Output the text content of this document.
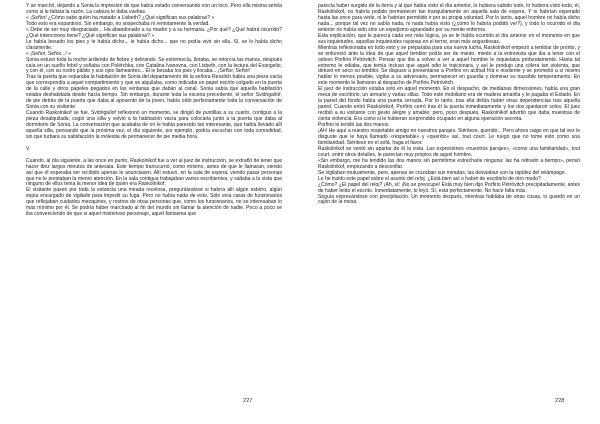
Y se marchó, dejando a Sonia la impresión de que había estado conversando con un loco. Pero ella misma sentía como si le faltara la razón. La cabeza le daba vueltas.

« ¡Señor! ¿Cómo sabe quién ha matado a Lisbeth? ¿Qué significan sus palabras? »

Todo esto era espantoso. Sin embargo, no sospechaba ni remotamente la verdad.

« Debe de ser muy desgraciado... Ha abandonado a su madre y a su hermana. ¿Por qué? ¿Qué habrá ocurrido? ¿Qué intenciones tiene? ¿Qué significan sus palabras? »

Le había besado los pies y le había dicho... le había dicho... que no podía vivir sin ella. Sí, se lo había dicho claramente.

« ¡Señor, Señor...! »

Sonia estuvo toda la noche ardiendo de fiebre y delirando. Se estremecía, lloraba, se retorcía las manos, después caía en un sueño febril y soñaba con Polétchka, con Catalina Ivanovna, con Lisbeth, con la lectura del Evangelio, y con él, con su rostro pálido y sus ojos llameantes... Él le besaba los pies y lloraba... ¡Señor, Señor!

Tras la puerta que separaba la habitación de Sonia del departamento de la señora Resslich había una pieza vacía que correspondía a aquel compartimiento y que se alquilaba, como indicaba un papel escrito colgado en la puerta de la calle y otros papeles pegados en las ventanas que daban al canal. Sonia sabía que aquella habitación estaba deshabitada desde hacía tiempo. Sin embargo, durante toda la escena precedente, el señor Svidrigaïlof, de pie detrás de la puerta que daba al aposento de la joven, había oído perfectamente toda la conversación de Sonia con su visitante.

Cuando Raskolnikof se fue, Svidrigaïlof reflexionó un momento, se dirigió de puntillas a su cuarto, contiguo a la pieza desalquilada, cogió una silla y volvió a la habitación vacía para colocarla junto a la puerta que daba al dormitorio de Sonia. La conversación que acababa de oír le había parecido tan interesante, que había llevado allí aquella silla, pensando que la próxima vez, el día siguiente, por ejemplo, podría escuchar con toda comodidad, sin que turbara su satisfacción la molestia de permanecer de pie media hora.

V

Cuando, al día siguiente, a las once en punto, Raskolnikof fue a ver al juez de instrucción, se extrañó de tener que hacer diez largos minutos de antesala. Este tiempo transcurrió, como mínimo, antes de que le llamaran, siendo así que él esperaba ser recibido apenas le anunciasen. Allí estuvo, en la sala de espera, viendo pasar personas que no le prestaban la menor atención. En la sala contigua trabajaban varios escribientes, y saltaba a la vista que ninguno de ellos tenía la menor idea de quién era Raskolnikof.

El visitante paseó por toda la estancia una mirada recelosa, preguntándose si habría allí algún esbirro, algún espía encargado de vigilarle para impedir su fuga. Pero no había nada de esto. Sólo veía caras de funcionarios que reflejaban cuidados mezquinos, y rostros de otras personas que, como los funcionarios, no se interesaban lo más mínimo por él. Se podría haber marchado al fin del mundo sin llamar la atención de nadie. Poco a poco se iba convenciendo de que si aquel misterioso personaje, aquel fantasma que

227

parecía haber surgido de la tierra y al que había visto el día anterior, lo hubiera sabido todo, lo hubiera visto todo, él, Raskolnikof, no habría podido permanecer tan tranquilamente en aquella sala de espera. Y ni habrían esperado hasta las once para verle, ni le habrían permitido ir por su propia voluntad. Por lo tanto, aquel hombre no había dicho nada... porque tal vez no sabía nada, ni nada había visto (¿cómo lo habría podido ver?), y todo lo ocurrido el día anterior no había sido sino un espejismo agrandado por su mente enferma.

Esta explicación, que le parecía cada vez más lógica, ya se le había ocurrido el día anterior en el momento en que sus inquietudes, aquellas inquietudes rayanas en el terror, eran más angustiosas.

Mientras reflexionaba en todo esto y se preparaba para una nueva lucha, Raskolnikof empezó a temblar de pronto, y se enfureció ante la idea de que aquel temblor podía ser de miedo, miedo a la entrevista que iba a tener con el odioso Porfirio Petróvitch. Pensar que iba a volver a ver a aquel hombre le inquietaba profundamente. Hasta tal extremo le odiaba, que temía incluso que aquel odio le traicionara, y así le produjo una cólera tan violenta, que detuvo en seco su temblor. Se dispuso a presentarse a Porfirio en actitud fría e insolente y se prometió a sí mismo hablar lo menos posible, vigilar a su adversario, permanecer en guardia y dominar su irascible temperamento. En este momento le llamaron al despacho de Porfirio Petróvitch.

El juez de instrucción estaba solo en aquel momento. En el despacho, de medianas dimensiones, había una gran mesa de escritorio, un armario y varias sillas. Todo este mobiliario era de madera amarilla y le pagaba el Estado. En la pared del fondo había una puerta cerrada. Por lo tanto, tras ella debía haber otras dependencias tras aquella pared. Cuando entró Raskolnikof, Porfirio cerró tras él la puerta inmediatamente y los dos quedaron solos. El juez recibió a su visitante con gesto alegre y amable; pero, poco después, Raskolnikof advirtió que daba muestras de cierta violencia. Era como si le hubieran sorprendido ocupado en alguna operación secreta.

Porfirio le tendió las dos manos.

¡Ah! He aquí a nuestro respetable amigo en nuestros parajes. Siéntese, querido... Pero ahora caigo en que tal vez le disguste que le haya llamado «respetable» y «querido» así, tout court. Le ruego que no tome esto como una familiaridad. Siéntese en el sofá, haga el favor.

Raskolnikof se sentó sin apartar de él la vista. Las expresiones «nuestros parajes», «como una familiaridad», tout court, entre otros detalles, le parecían muy propios de aquel hombre.

«Sin embargo, me ha tendido las dos manos sin permitirme estrecharle ninguna: las ha retirado a tiempo», pensó Raskolnikof, empezando a desconfiar.

Se vigilaban mutuamente, pero, apenas se cruzaban sus miradas, las desviaban con la rapidez del relámpago.

Le he traído este papel sobre el asunto del reloj. ¿Está bien así o habré de escribirlo de otro modo?

¿Cómo? ¿El papel del reloj? ¡Ah, sí! ¡No se preocupe! Está muy bien dijo Porfirio Petróvitch precipitadamente, antes de haber leído el escrito. Inmediatamente, lo leyó. Sí, está perfectamente. No hace falta más.

Seguía expresándose con precipitación. Un momento después, mientras hablaba de otras cosas, lo guardó en un cajón de la mesa.

228
